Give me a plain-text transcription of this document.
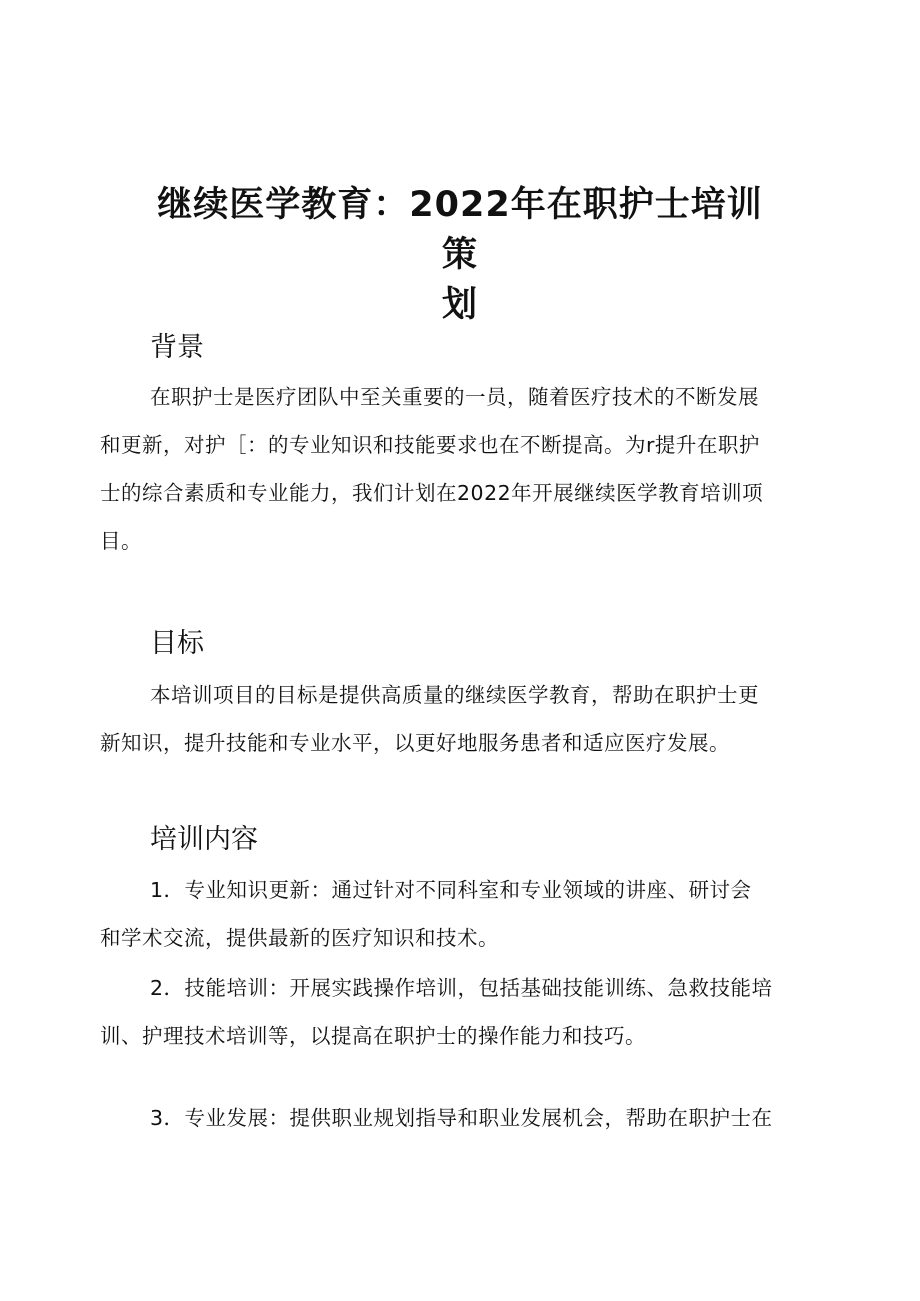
继续医学教育：2022年在职护士培训策
划
背景
在职护士是医疗团队中至关重要的一员，随着医疗技术的不断发展
和更新，对护［：的专业知识和技能要求也在不断提高。为r提升在职护
士的综合素质和专业能力，我们计划在2022年开展继续医学教育培训项
目。
目标
本培训项目的目标是提供高质量的继续医学教育，帮助在职护士更
新知识，提升技能和专业水平，以更好地服务患者和适应医疗发展。
培训内容
1．专业知识更新：通过针对不同科室和专业领域的讲座、研讨会
和学术交流，提供最新的医疗知识和技术。
2．技能培训：开展实践操作培训，包括基础技能训练、急救技能培
训、护理技术培训等，以提高在职护士的操作能力和技巧。
3．专业发展：提供职业规划指导和职业发展机会，帮助在职护士在
